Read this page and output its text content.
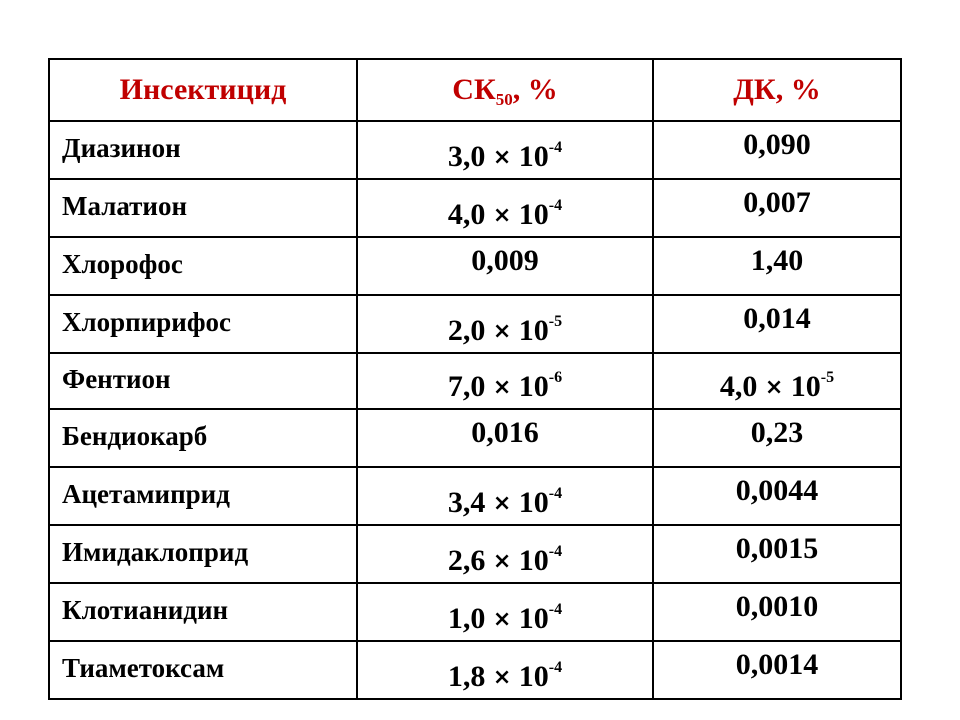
Инсектицид	$СК_{50}$, %	ДК, %
Диазинон	$3,0 \times 10^{-4}$	0,090
Малатион	$4,0 \times 10^{-4}$	0,007
Хлорофос	0,009	1,40
Хлорпирифос	$2,0 \times 10^{-5}$	0,014
Фентион	$7,0 \times 10^{-6}$	$4,0 \times 10^{-5}$
Бендиокарб	0,016	0,23
Ацетамиприд	$3,4 \times 10^{-4}$	0,0044
Имидаклоприд	$2,6 \times 10^{-4}$	0,0015
Клотианидин	$1,0 \times 10^{-4}$	0,0010
Тиаметоксам	$1,8 \times 10^{-4}$	0,0014
